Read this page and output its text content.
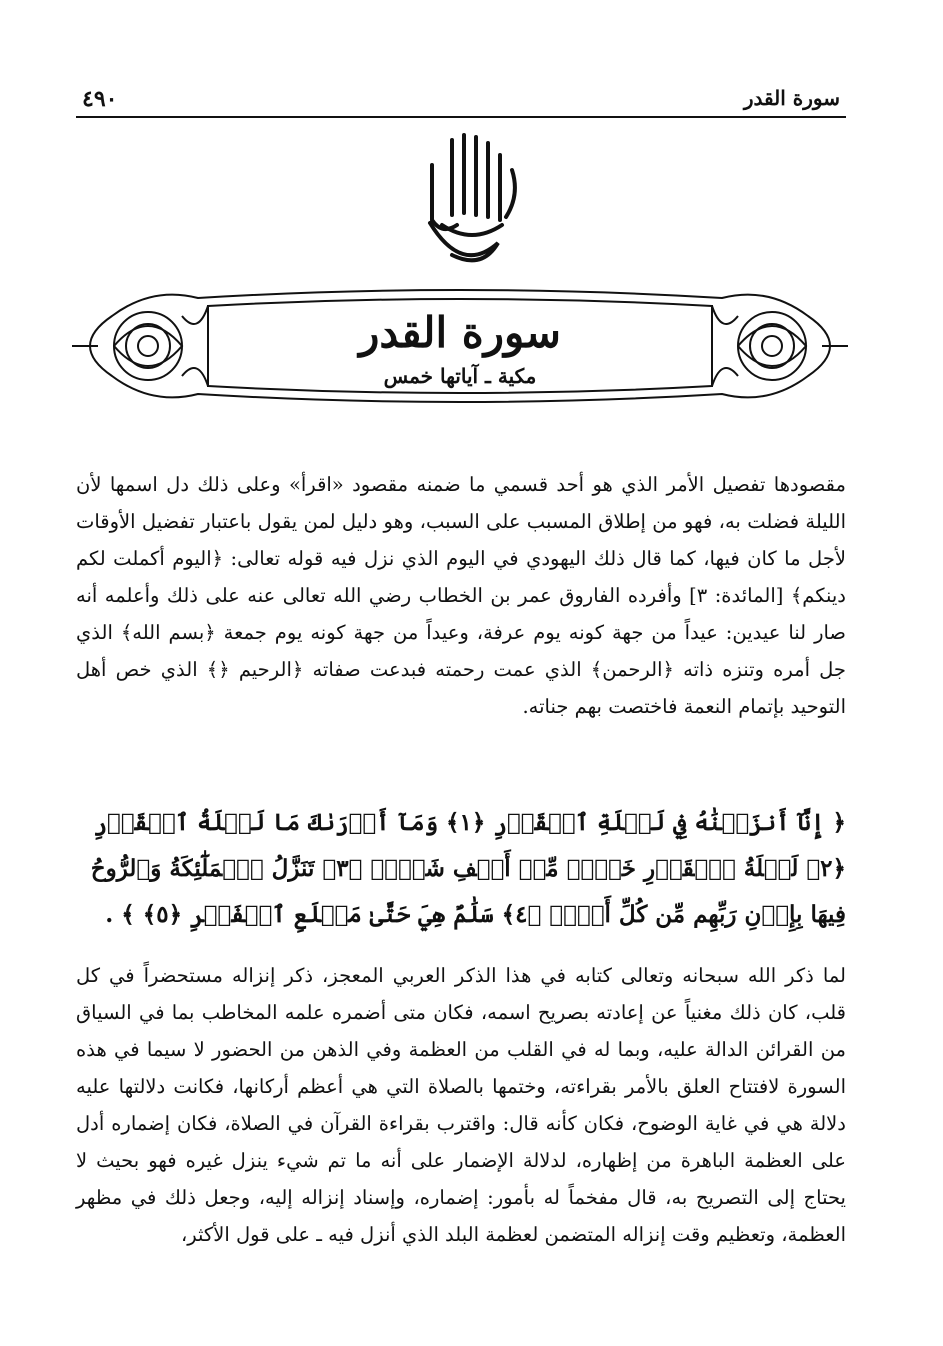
٤٩٠	سورة القدر
سورة القدر
مكية ـ آياتها خمس
مقصودها تفصيل الأمر الذي هو أحد قسمي ما ضمنه مقصود «اقرأ» وعلى ذلك دل اسمها لأن الليلة فضلت به، فهو من إطلاق المسبب على السبب، وهو دليل لمن يقول باعتبار تفضيل الأوقات لأجل ما كان فيها، كما قال ذلك اليهودي في اليوم الذي نزل فيه قوله تعالى: ﴿اليوم أكملت لكم دينكم﴾ [المائدة: ٣] وأفرده الفاروق عمر بن الخطاب رضي الله تعالى عنه على ذلك وأعلمه أنه صار لنا عيدين: عيداً من جهة كونه يوم عرفة، وعيداً من جهة كونه يوم جمعة ﴿بسم الله﴾ الذي جل أمره وتنزه ذاته ﴿الرحمن﴾ الذي عمت رحمته فبدعت صفاته ﴿الرحيم ﴿﴾ الذي خص أهل التوحيد بإتمام النعمة فاختصت بهم جناته.
﴿ إِنَّآ أَنزَلۡنَٰهُ فِي لَيۡلَةِ ٱلۡقَدۡرِ ﴿١﴾ وَمَآ أَدۡرَىٰكَ مَا لَيۡلَةُ ٱلۡقَدۡرِ ﴿٢﴾ لَيۡلَةُ ٱلۡقَدۡرِ خَيۡرٞ مِّنۡ أَلۡفِ شَهۡرٖ ﴿٣﴾ تَنَزَّلُ ٱلۡمَلَٰٓئِكَةُ وَٱلرُّوحُ فِيهَا بِإِذۡنِ رَبِّهِم مِّن كُلِّ أَمۡرٖ ﴿٤﴾ سَلَٰمٌ هِيَ حَتَّىٰ مَطۡلَعِ ٱلۡفَجۡرِ ﴿٥﴾ ﴾ .
لما ذكر الله سبحانه وتعالى كتابه في هذا الذكر العربي المعجز، ذكر إنزاله مستحضراً في كل قلب، كان ذلك مغنياً عن إعادته بصريح اسمه، فكان متى أضمره علمه المخاطب بما في السياق من القرائن الدالة عليه، وبما له في القلب من العظمة وفي الذهن من الحضور لا سيما في هذه السورة لافتتاح العلق بالأمر بقراءته، وختمها بالصلاة التي هي أعظم أركانها، فكانت دلالتها عليه دلالة هي في غاية الوضوح، فكان كأنه قال: واقترب بقراءة القرآن في الصلاة، فكان إضماره أدل على العظمة الباهرة من إظهاره، لدلالة الإضمار على أنه ما تم شيء ينزل غيره فهو بحيث لا يحتاج إلى التصريح به، قال مفخماً له بأمور: إضماره، وإسناد إنزاله إليه، وجعل ذلك في مظهر العظمة، وتعظيم وقت إنزاله المتضمن لعظمة البلد الذي أنزل فيه ـ على قول الأكثر،
